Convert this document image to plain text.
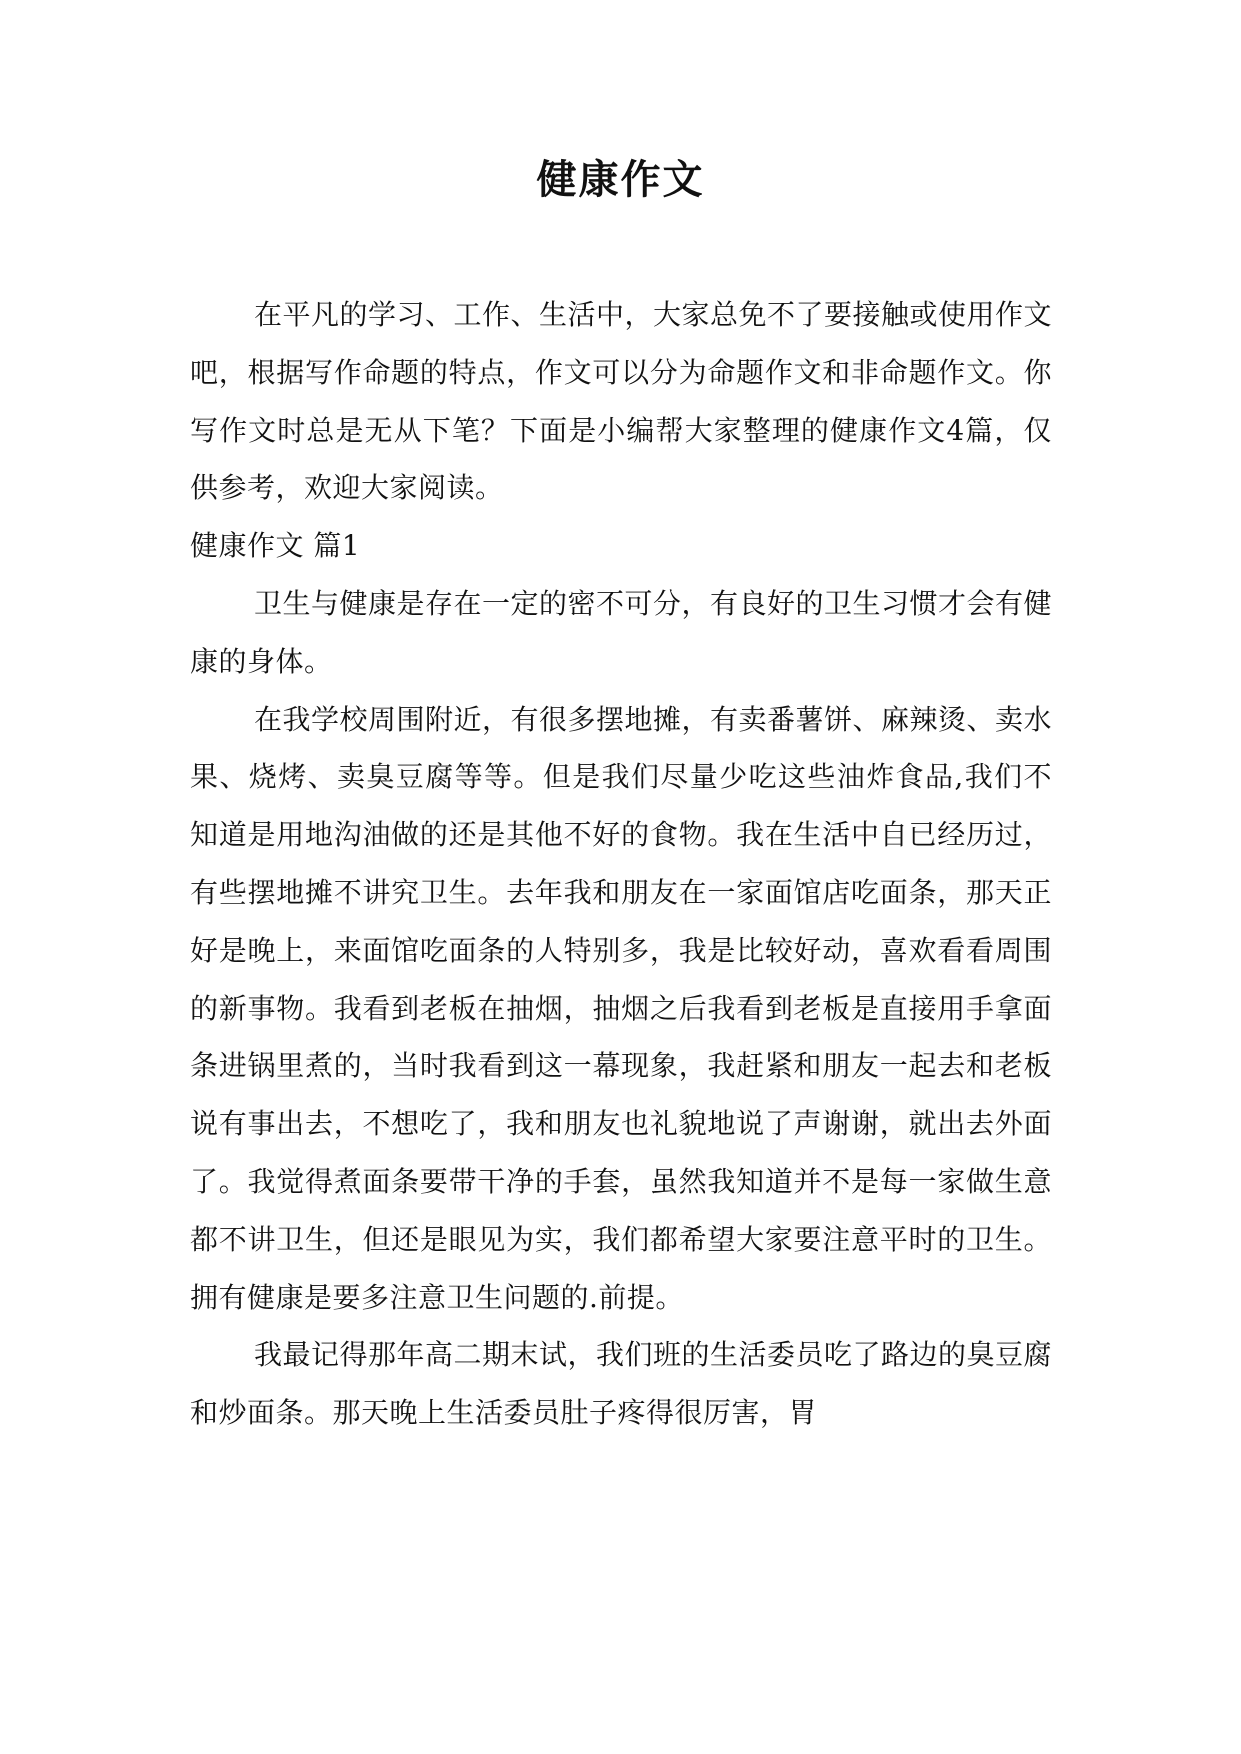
健康作文

在平凡的学习、工作、生活中，大家总免不了要接触或使用作文吧，根据写作命题的特点，作文可以分为命题作文和非命题作文。你写作文时总是无从下笔？下面是小编帮大家整理的健康作文4篇，仅供参考，欢迎大家阅读。

健康作文 篇1

卫生与健康是存在一定的密不可分，有良好的卫生习惯才会有健康的身体。

在我学校周围附近，有很多摆地摊，有卖番薯饼、麻辣烫、卖水果、烧烤、卖臭豆腐等等。但是我们尽量少吃这些油炸食品,我们不知道是用地沟油做的还是其他不好的食物。我在生活中自已经历过，有些摆地摊不讲究卫生。去年我和朋友在一家面馆店吃面条，那天正好是晚上，来面馆吃面条的人特别多，我是比较好动，喜欢看看周围的新事物。我看到老板在抽烟，抽烟之后我看到老板是直接用手拿面条进锅里煮的，当时我看到这一幕现象，我赶紧和朋友一起去和老板说有事出去，不想吃了，我和朋友也礼貌地说了声谢谢，就出去外面了。我觉得煮面条要带干净的手套，虽然我知道并不是每一家做生意都不讲卫生，但还是眼见为实，我们都希望大家要注意平时的卫生。拥有健康是要多注意卫生问题的.前提。

我最记得那年高二期末试，我们班的生活委员吃了路边的臭豆腐和炒面条。那天晚上生活委员肚子疼得很厉害，胃
